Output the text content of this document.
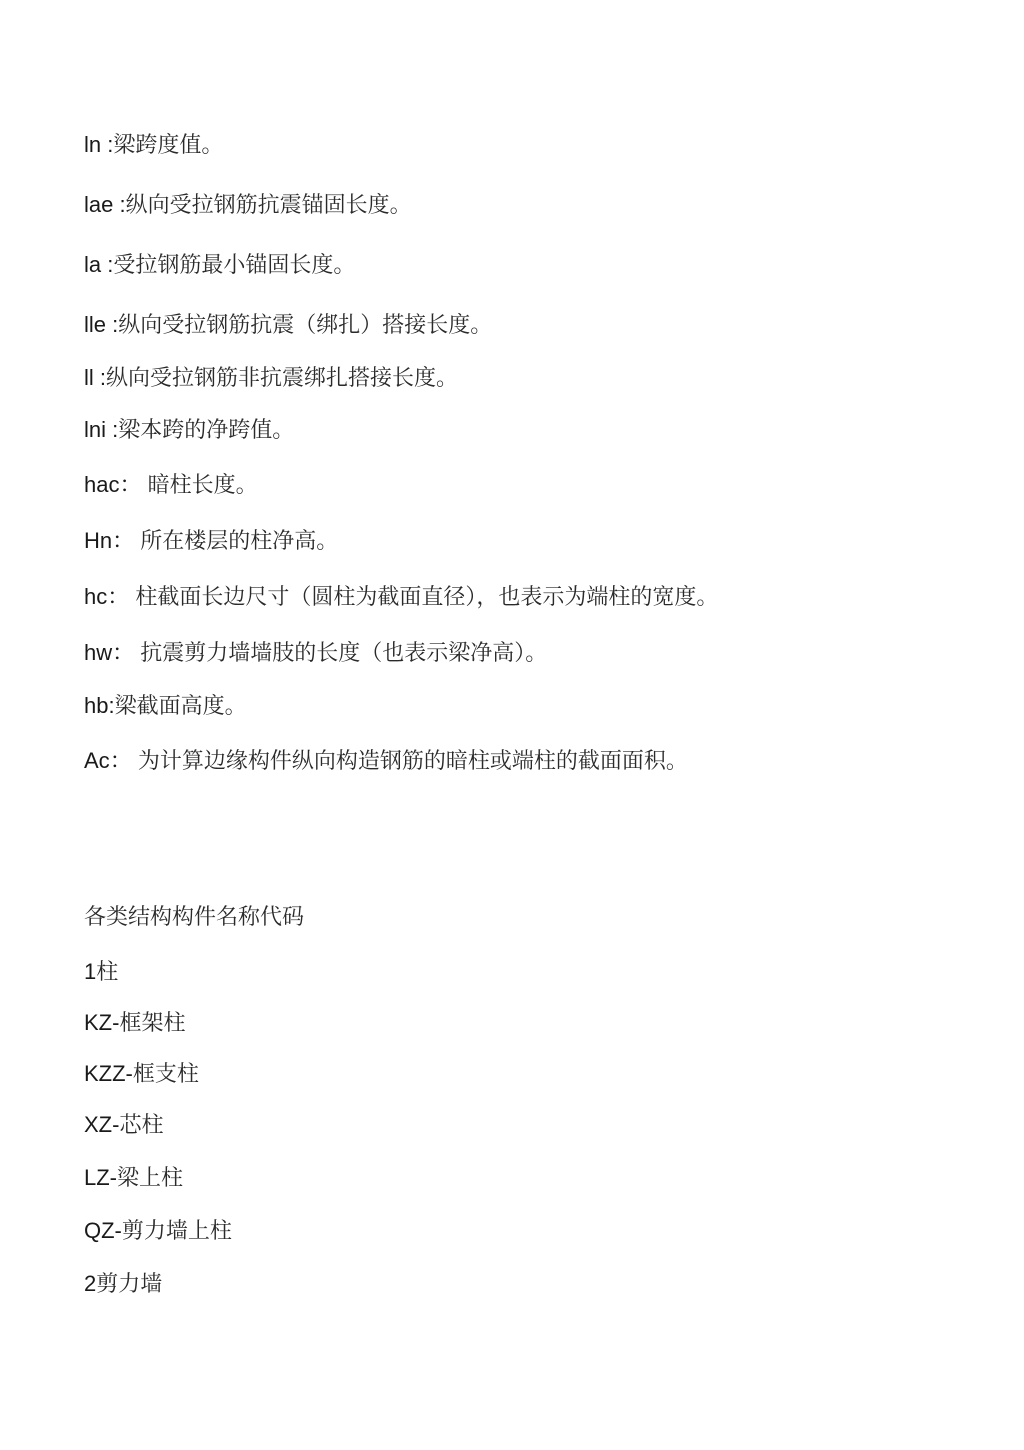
ln :梁跨度值。
lae :纵向受拉钢筋抗震锚固长度。
la :受拉钢筋最小锚固长度。
lle :纵向受拉钢筋抗震（绑扎）搭接长度。
ll :纵向受拉钢筋非抗震绑扎搭接长度。
lni :梁本跨的净跨值。
hac： 暗柱长度。
Hn： 所在楼层的柱净高。
hc： 柱截面长边尺寸（圆柱为截面直径），也表示为端柱的宽度。
hw： 抗震剪力墙墙肢的长度（也表示梁净高）。
hb:梁截面高度。
Ac： 为计算边缘构件纵向构造钢筋的暗柱或端柱的截面面积。
各类结构构件名称代码
1柱
KZ-框架柱
KZZ-框支柱
XZ-芯柱
LZ-梁上柱
QZ-剪力墙上柱
2剪力墙
